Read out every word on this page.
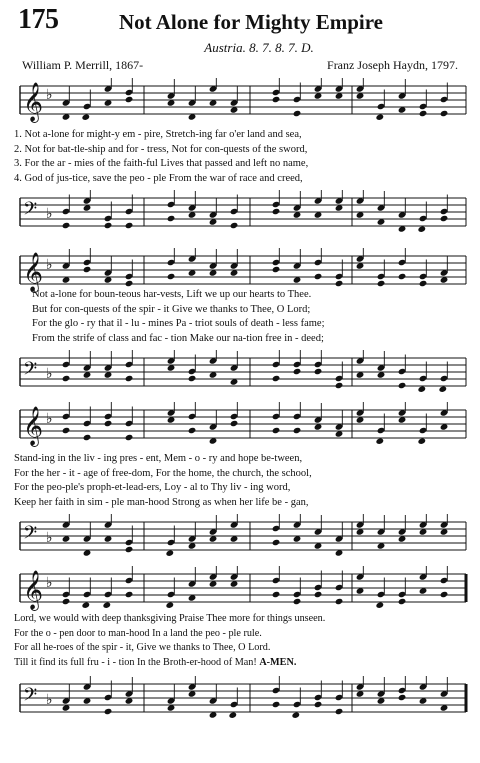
175	Not Alone for Mighty Empire
Austria. 8. 7. 8. 7. D.
William P. Merrill, 1867-	Franz Joseph Haydn, 1797.
𝄞 ♭
1. Not a-lone for might-y em - pire, Stretch-ing far o'er land and sea,
2. Not for bat-tle-ship and for - tress, Not for con-quests of the sword,
3. For the ar - mies of the faith-ful Lives that passed and left no name,
4. God of jus-tice, save the peo - ple From the war of race and creed,
𝄢 ♭
𝄞 ♭
Not a-lone for boun-teous har-vests, Lift we up our hearts to Thee.
But for con-quests of the spir - it Give we thanks to Thee, O Lord;
For the glo - ry that il - lu - mines Pa - triot souls of death - less fame;
From the strife of class and fac - tion Make our na-tion free in - deed;
𝄢 ♭
𝄞 ♭
Stand-ing in the liv - ing pres - ent, Mem - o - ry and hope be-tween,
For the her - it - age of free-dom, For the home, the church, the school,
For the peo-ple's proph-et-lead-ers, Loy - al to Thy liv - ing word,
Keep her faith in sim - ple man-hood Strong as when her life be - gan,
𝄢 ♭
𝄞 ♭
Lord, we would with deep thanksgiving Praise Thee more for things unseen.
For the o - pen door to man-hood In a land the peo - ple rule.
For all he-roes of the spir - it, Give we thanks to Thee, O Lord.
Till it find its full fru - i - tion In the Broth-er-hood of Man! A-MEN.
𝄢 ♭
